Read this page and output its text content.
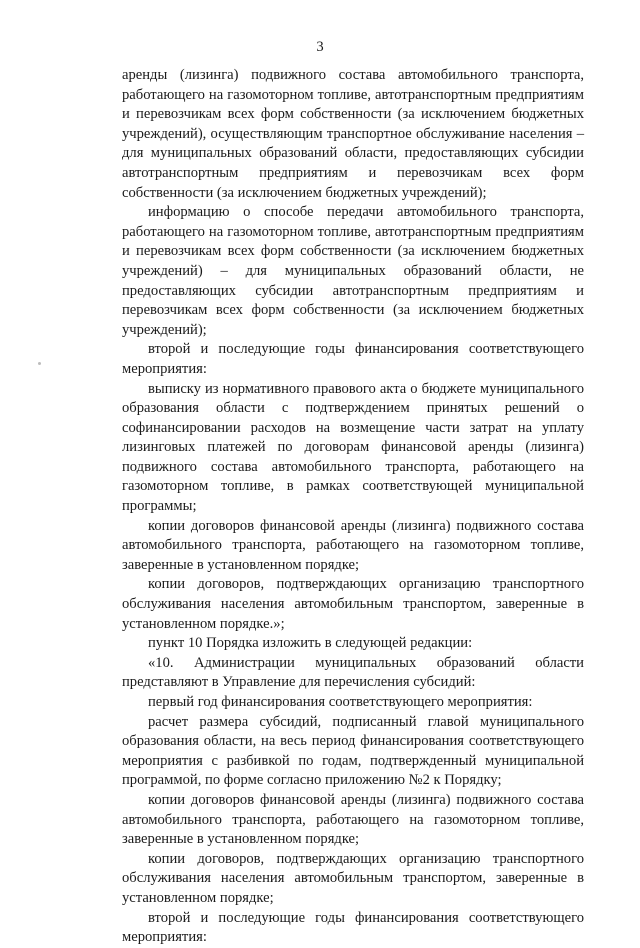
3

аренды (лизинга) подвижного состава автомобильного транспорта, работающего на газомоторном топливе, автотранспортным предприятиям и перевозчикам всех форм собственности (за исключением бюджетных учреждений), осуществляющим транспортное обслуживание населения – для муниципальных образований области, предоставляющих субсидии автотранспортным предприятиям и перевозчикам всех форм собственности (за исключением бюджетных учреждений);

информацию о способе передачи автомобильного транспорта, работающего на газомоторном топливе, автотранспортным предприятиям и перевозчикам всех форм собственности (за исключением бюджетных учреждений) – для муниципальных образований области, не предоставляющих субсидии автотранспортным предприятиям и перевозчикам всех форм собственности (за исключением бюджетных учреждений);

второй и последующие годы финансирования соответствующего мероприятия:

выписку из нормативного правового акта о бюджете муниципального образования области с подтверждением принятых решений о софинансировании расходов на возмещение части затрат на уплату лизинговых платежей по договорам финансовой аренды (лизинга) подвижного состава автомобильного транспорта, работающего на газомоторном топливе, в рамках соответствующей муниципальной программы;

копии договоров финансовой аренды (лизинга) подвижного состава автомобильного транспорта, работающего на газомоторном топливе, заверенные в установленном порядке;

копии договоров, подтверждающих организацию транспортного обслуживания населения автомобильным транспортом, заверенные в установленном порядке.»;

пункт 10 Порядка изложить в следующей редакции:

«10. Администрации муниципальных образований области представляют в Управление для перечисления субсидий:

первый год финансирования соответствующего мероприятия:

расчет размера субсидий, подписанный главой муниципального образования области, на весь период финансирования соответствующего мероприятия с разбивкой по годам, подтвержденный муниципальной программой, по форме согласно приложению №2 к Порядку;

копии договоров финансовой аренды (лизинга) подвижного состава автомобильного транспорта, работающего на газомоторном топливе, заверенные в установленном порядке;

копии договоров, подтверждающих организацию транспортного обслуживания населения автомобильным транспортом, заверенные в установленном порядке;

второй и последующие годы финансирования соответствующего мероприятия:
